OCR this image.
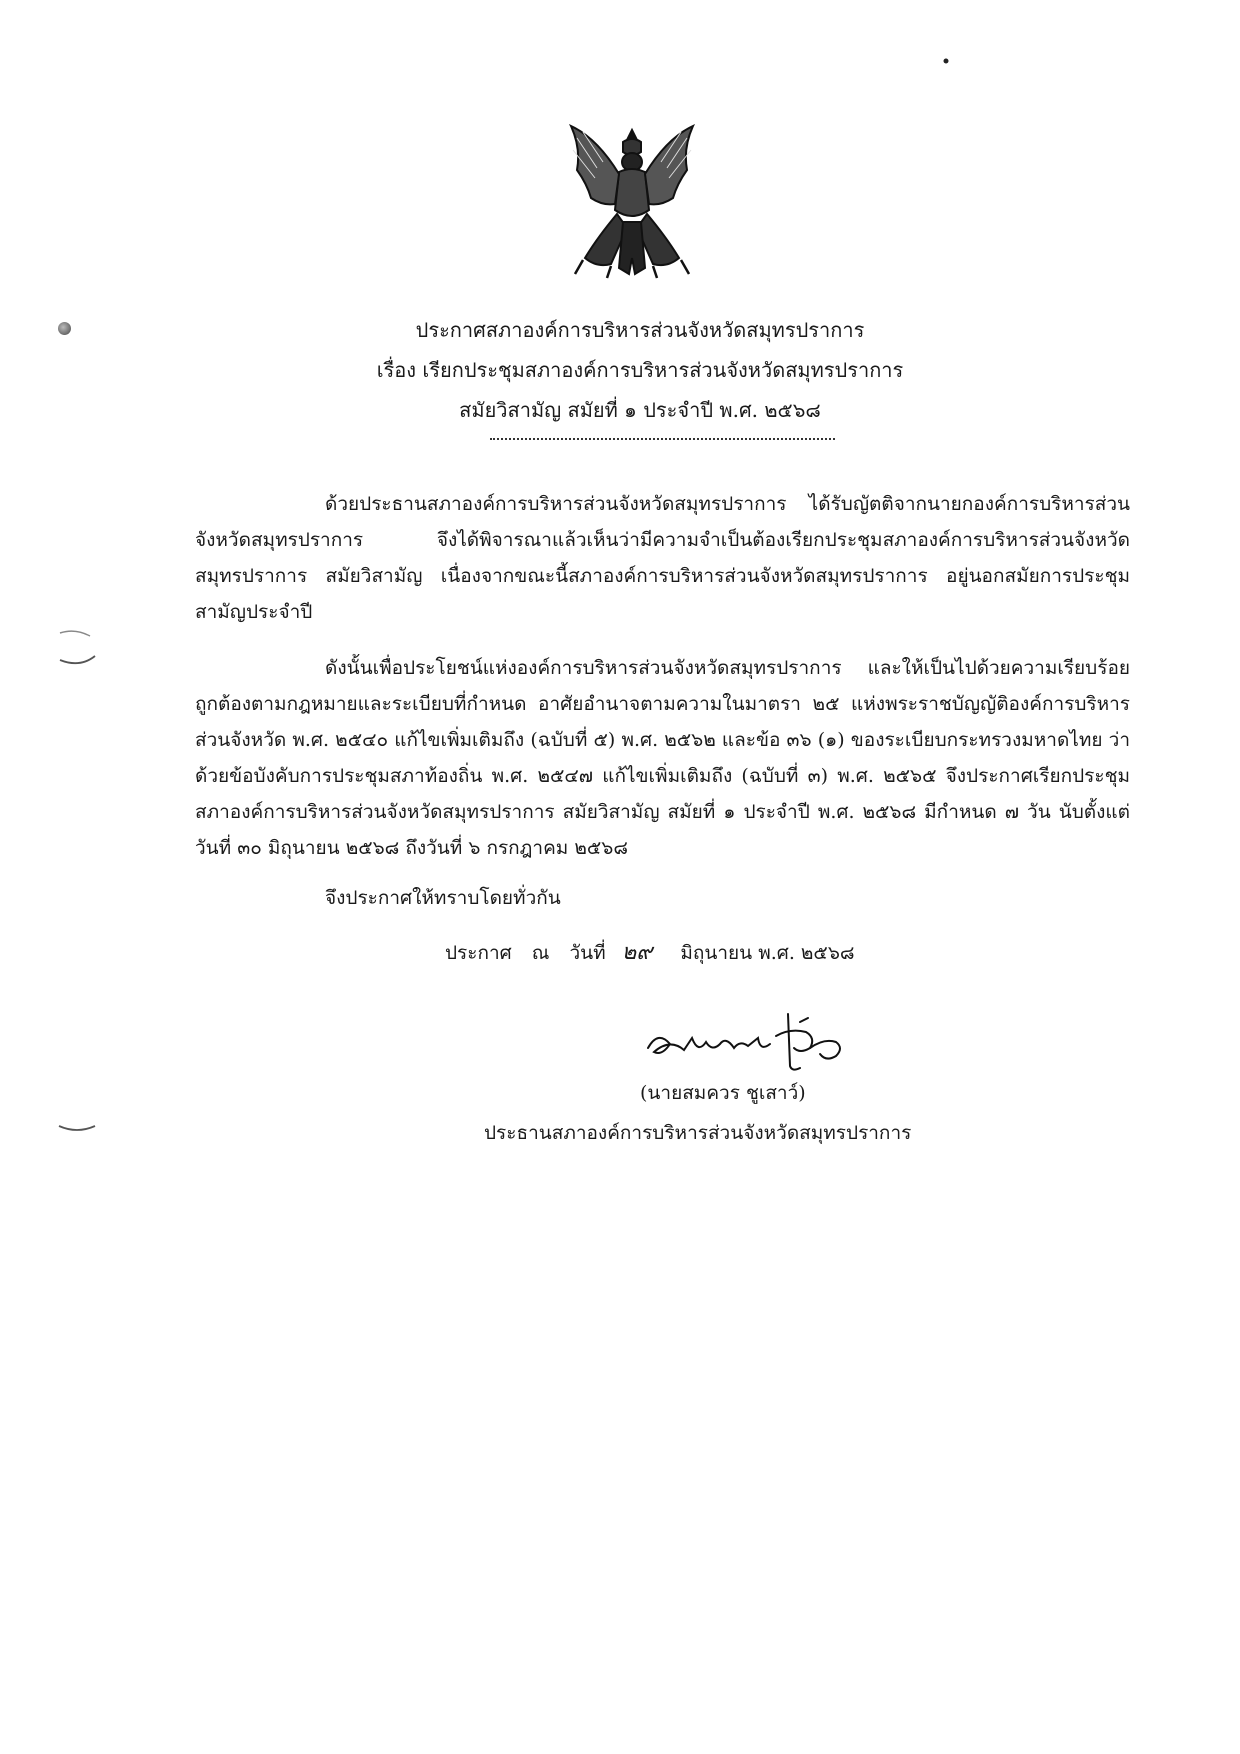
ประกาศสภาองค์การบริหารส่วนจังหวัดสมุทรปราการ
เรื่อง เรียกประชุมสภาองค์การบริหารส่วนจังหวัดสมุทรปราการ
สมัยวิสามัญ สมัยที่ ๑ ประจำปี พ.ศ. ๒๕๖๘
ด้วยประธานสภาองค์การบริหารส่วนจังหวัดสมุทรปราการ ได้รับญัตติจากนายกองค์การบริหารส่วนจังหวัดสมุทรปราการ จึงได้พิจารณาแล้วเห็นว่ามีความจำเป็นต้องเรียกประชุมสภาองค์การบริหารส่วนจังหวัดสมุทรปราการ สมัยวิสามัญ เนื่องจากขณะนี้สภาองค์การบริหารส่วนจังหวัดสมุทรปราการ อยู่นอกสมัยการประชุมสามัญประจำปี
ดังนั้นเพื่อประโยชน์แห่งองค์การบริหารส่วนจังหวัดสมุทรปราการ และให้เป็นไปด้วยความเรียบร้อยถูกต้องตามกฎหมายและระเบียบที่กำหนด อาศัยอำนาจตามความในมาตรา ๒๕ แห่งพระราชบัญญัติองค์การบริหารส่วนจังหวัด พ.ศ. ๒๕๔๐ แก้ไขเพิ่มเติมถึง (ฉบับที่ ๕) พ.ศ. ๒๕๖๒ และข้อ ๓๖ (๑) ของระเบียบกระทรวงมหาดไทย ว่าด้วยข้อบังคับการประชุมสภาท้องถิ่น พ.ศ. ๒๕๔๗ แก้ไขเพิ่มเติมถึง (ฉบับที่ ๓) พ.ศ. ๒๕๖๕ จึงประกาศเรียกประชุมสภาองค์การบริหารส่วนจังหวัดสมุทรปราการ สมัยวิสามัญ สมัยที่ ๑ ประจำปี พ.ศ. ๒๕๖๘ มีกำหนด ๗ วัน นับตั้งแต่วันที่ ๓๐ มิถุนายน ๒๕๖๘ ถึงวันที่ ๖ กรกฎาคม ๒๕๖๘
จึงประกาศให้ทราบโดยทั่วกัน
ประกาศ ณ วันที่ ๒๙ มิถุนายน พ.ศ. ๒๕๖๘
(นายสมควร ชูเสาว์)
ประธานสภาองค์การบริหารส่วนจังหวัดสมุทรปราการ
